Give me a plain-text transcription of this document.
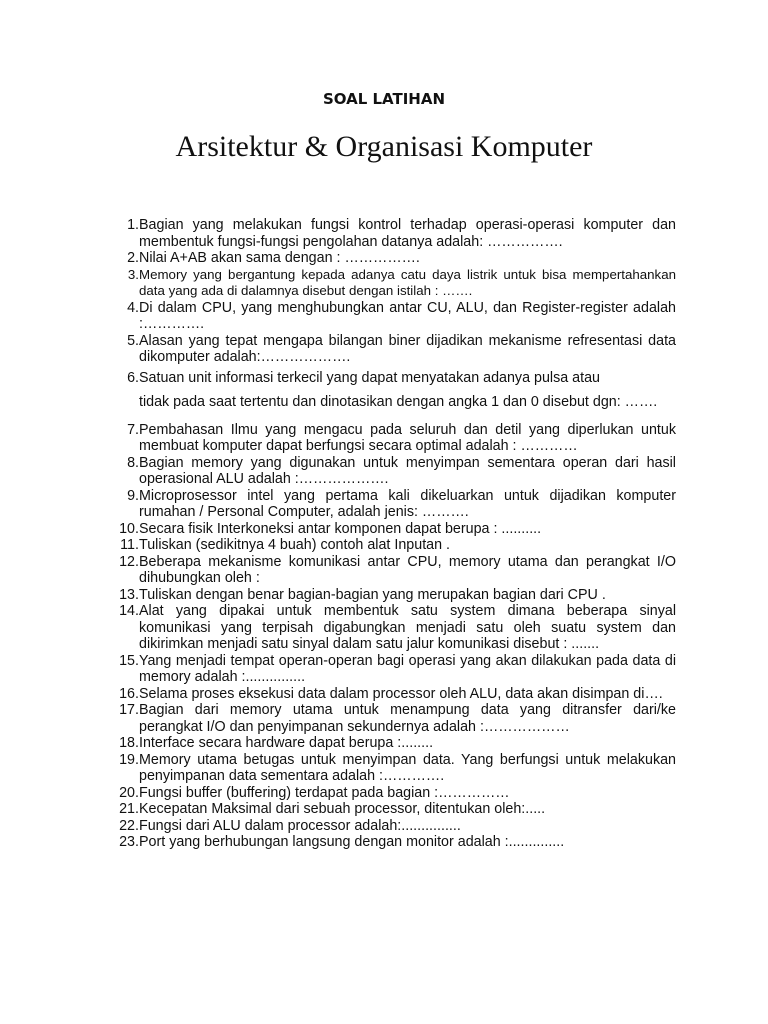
SOAL LATIHAN
Arsitektur & Organisasi Komputer
1 . Bagian yang melakukan fungsi kontrol terhadap operasi-operasi komputer dan membentuk fungsi-fungsi pengolahan datanya adalah: …………….
2 . Nilai A+AB akan sama dengan : …………….
3 . Memory yang bergantung kepada adanya catu daya listrik untuk bisa mempertahankan data yang ada di dalamnya disebut dengan istilah : …….
4 . Di dalam CPU, yang menghubungkan antar CU, ALU, dan Register-register adalah :………….
5 . Alasan yang tepat mengapa bilangan biner dijadikan mekanisme refresentasi data dikomputer adalah:……………….
6 . Satuan unit informasi terkecil yang dapat menyatakan adanya pulsa atau
tidak pada saat tertentu dan dinotasikan dengan angka 1 dan 0 disebut dgn: …….
7 . Pembahasan Ilmu yang mengacu pada seluruh dan detil yang diperlukan untuk membuat komputer dapat berfungsi secara optimal adalah : …………
8 . Bagian memory yang digunakan untuk menyimpan sementara operan dari hasil operasional ALU adalah :……………….
9 . Microprosessor intel yang pertama kali dikeluarkan untuk dijadikan komputer rumahan / Personal Computer, adalah jenis: ……….
10 . Secara fisik Interkoneksi antar komponen dapat berupa : ..........
11 . Tuliskan (sedikitnya 4 buah) contoh alat Inputan .
12 . Beberapa mekanisme komunikasi antar CPU, memory utama dan perangkat I/O dihubungkan oleh :
13 . Tuliskan dengan benar bagian-bagian yang merupakan bagian dari CPU .
14 . Alat yang dipakai untuk membentuk satu system dimana beberapa sinyal komunikasi yang terpisah digabungkan menjadi satu oleh suatu system dan dikirimkan menjadi satu sinyal dalam satu jalur komunikasi disebut : .......
15 . Yang menjadi tempat operan-operan bagi operasi yang akan dilakukan pada data di memory adalah :...............
16 . Selama proses eksekusi data dalam processor oleh ALU, data akan disimpan di….
17 . Bagian dari memory utama untuk menampung data yang ditransfer dari/ke perangkat I/O dan penyimpanan sekundernya adalah :………………
18 . Interface secara hardware dapat berupa :........
19 . Memory utama betugas untuk menyimpan data. Yang berfungsi untuk melakukan penyimpanan data sementara adalah :………….
20 . Fungsi buffer (buffering) terdapat pada bagian :……………
21 . Kecepatan Maksimal dari sebuah processor, ditentukan oleh:.....
22 . Fungsi dari ALU dalam processor adalah:...............
23 . Port yang berhubungan langsung dengan monitor adalah :..............
